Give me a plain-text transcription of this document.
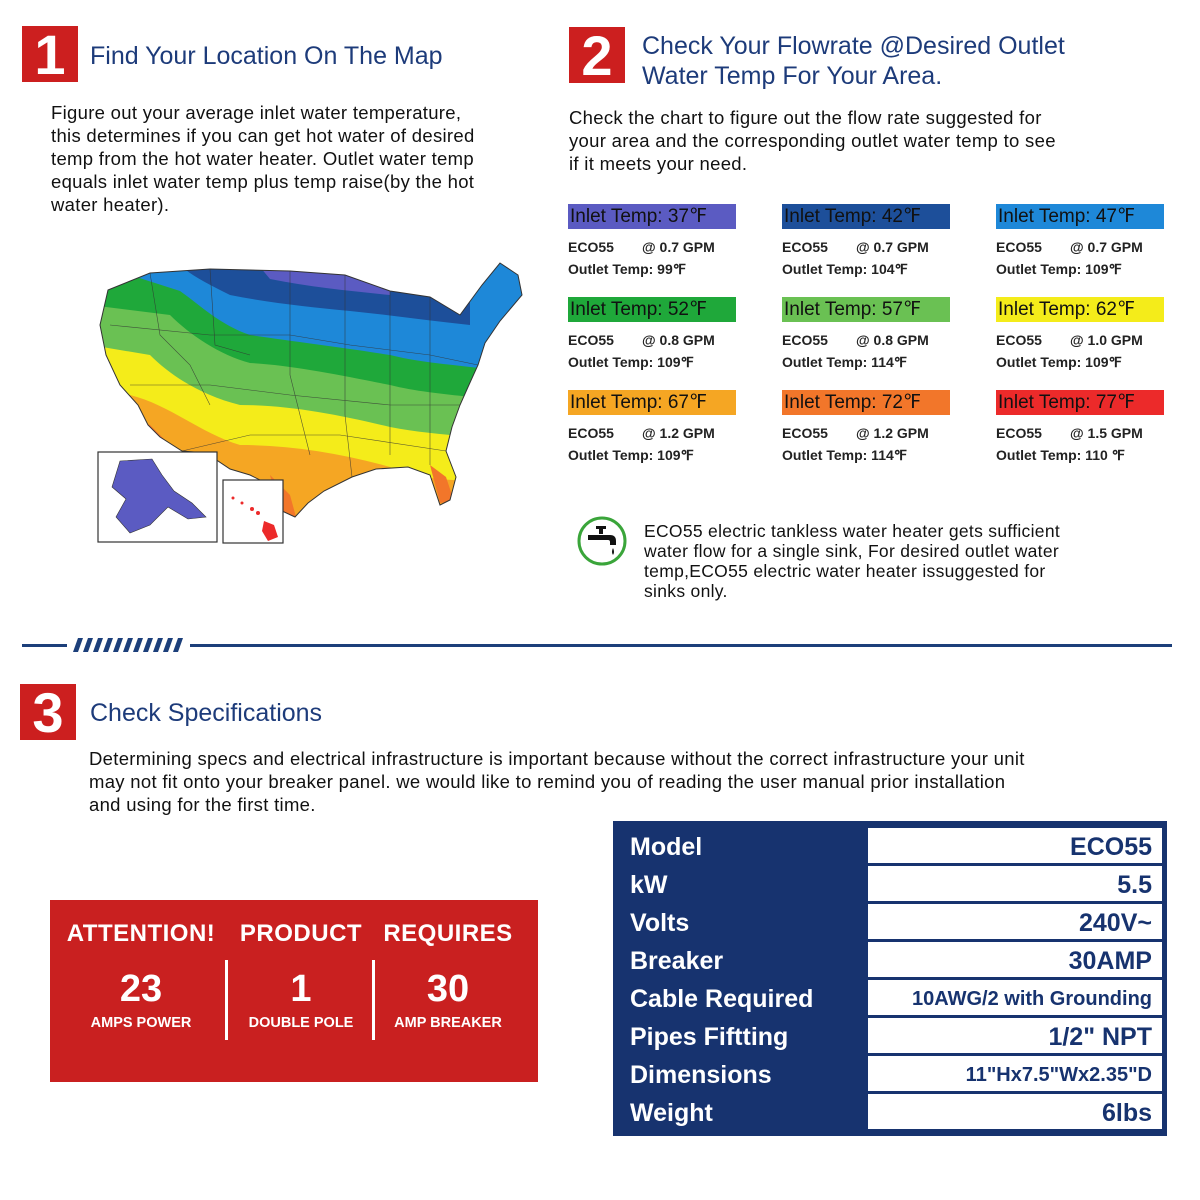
1 Find Your Location On The Map
Figure out your average inlet water temperature,
this determines if you can get hot water of desired
temp from the hot water heater. Outlet water temp
equals inlet water temp plus temp raise(by the hot
water heater).
2	Check Your Flowrate @Desired Outlet
Water Temp For Your Area.
Check the chart to figure out the flow rate suggested for
your area and the corresponding outlet water temp to see
if it meets your need.
Inlet Temp: 37℉
ECO55	@ 0.7 GPM
Outlet Temp: 99℉
Inlet Temp: 42℉
ECO55	@ 0.7 GPM
Outlet Temp: 104℉
Inlet Temp: 47℉
ECO55	@ 0.7 GPM
Outlet Temp: 109℉
Inlet Temp: 52℉
ECO55	@ 0.8 GPM
Outlet Temp: 109℉
Inlet Temp: 57℉
ECO55	@ 0.8 GPM
Outlet Temp: 114℉
Inlet Temp: 62℉
ECO55	@ 1.0 GPM
Outlet Temp: 109℉
Inlet Temp: 67℉
ECO55	@ 1.2 GPM
Outlet Temp: 109℉
Inlet Temp: 72℉
ECO55	@ 1.2 GPM
Outlet Temp: 114℉
Inlet Temp: 77℉
ECO55	@ 1.5 GPM
Outlet Temp: 110 ℉
ECO55 electric tankless water heater gets sufficient
water flow for a single sink, For desired outlet water
temp,ECO55 electric water heater issuggested for
sinks only.
3	Check Specifications
Determining specs and electrical infrastructure is important because without the correct infrastructure your unit
may not fit onto your breaker panel. we would like to remind you of reading the user manual prior installation
and using for the first time.
ATTENTION!
23
AMPS POWER
PRODUCT
1
DOUBLE POLE
REQUIRES
30
AMP BREAKER
Model	ECO55
kW	5.5
Volts	240V~
Breaker	30AMP
Cable Required	10AWG/2 with Grounding
Pipes Fiftting	1/2" NPT
Dimensions	11"Hx7.5"Wx2.35"D
Weight	6lbs
